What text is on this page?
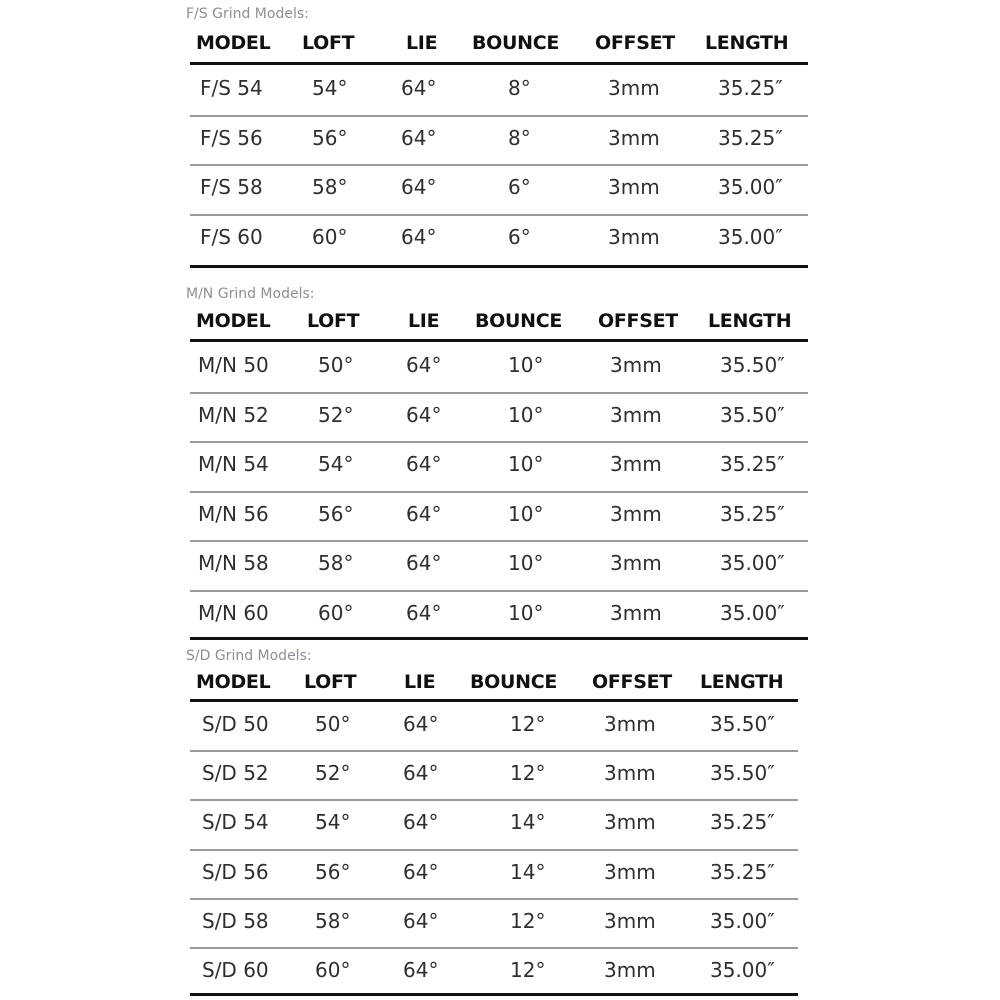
F/S Grind Models:
MODEL LOFT	LIE BOUNCE OFFSET LENGTH
F/S 54 54°	64°	8°	3mm	35.25″
F/S 56 56°	64°	8°	3mm	35.25″
F/S 58 58°	64°	6°	3mm	35.00″
F/S 60 60°	64°	6°	3mm	35.00″
M/N Grind Models:
MODEL LOFT	LIE BOUNCE OFFSET LENGTH
M/N 50 50°	64°	10°	3mm	35.50″
M/N 52 52°	64°	10°	3mm	35.50″
M/N 54 54°	64°	10°	3mm	35.25″
M/N 56 56°	64°	10°	3mm	35.25″
M/N 58 58°	64°	10°	3mm	35.00″
M/N 60 60°	64°	10°	3mm	35.00″
S/D Grind Models:
MODEL LOFT	LIE BOUNCE OFFSET LENGTH
S/D 50 50°	64°	12°	3mm	35.50″
S/D 52 52°	64°	12°	3mm	35.50″
S/D 54 54°	64°	14°	3mm	35.25″
S/D 56 56°	64°	14°	3mm	35.25″
S/D 58 58°	64°	12°	3mm	35.00″
S/D 60 60°	64°	12°	3mm	35.00″
